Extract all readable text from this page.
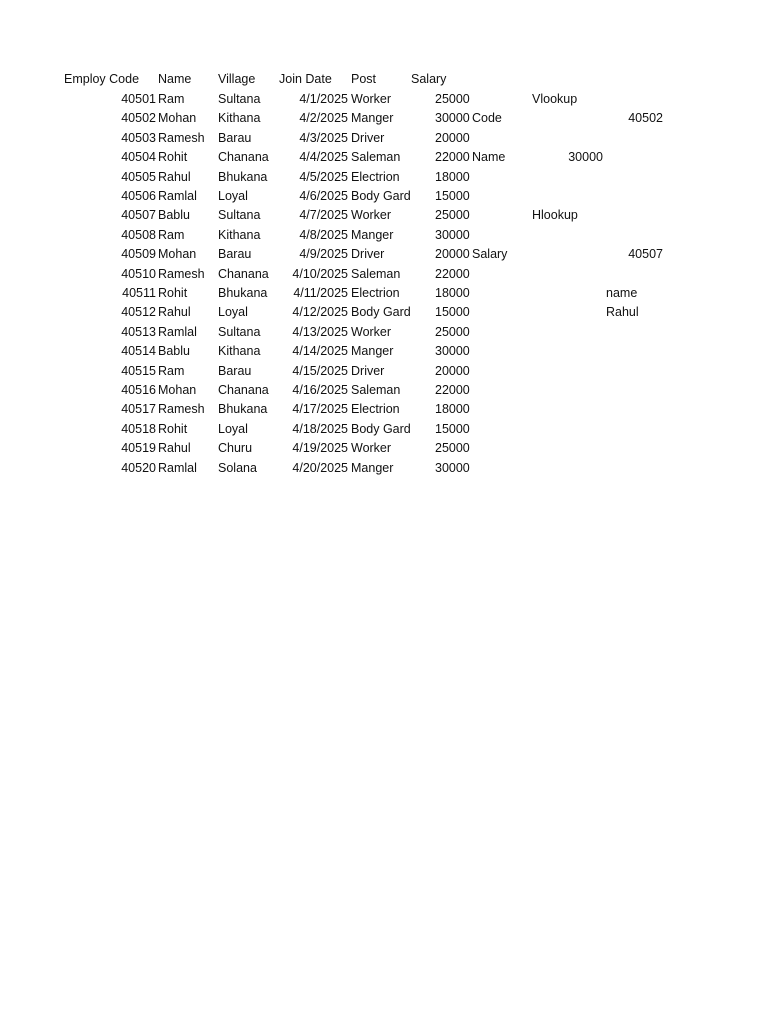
Employ Code Name Village Join Date Post	Salary
40501 Ram	Sultana	4/1/2025 Worker	25000
40502 Mohan Kithana	4/2/2025 Manger	30000
40503 Ramesh Barau	4/3/2025 Driver	20000
40504 Rohit Chanana 4/4/2025 Saleman	22000
40505 Rahul Bhukana	4/5/2025 Electrion	18000
40506 Ramlal Loyal	4/6/2025 Body Gard 15000
40507 Bablu Sultana	4/7/2025 Worker	25000
40508 Ram	Kithana	4/8/2025 Manger	30000
40509 Mohan Barau	4/9/2025 Driver	20000
40510 Ramesh Chanana 4/10/2025 Saleman	22000
40511 Rohit Bhukana 4/11/2025 Electrion	18000
40512 Rahul Loyal	4/12/2025 Body Gard 15000
40513 Ramlal Sultana	4/13/2025 Worker	25000
40514 Bablu Kithana	4/14/2025 Manger	30000
40515 Ram	Barau	4/15/2025 Driver	20000
40516 Mohan Chanana 4/16/2025 Saleman	22000
40517 Ramesh Bhukana 4/17/2025 Electrion	18000
40518 Rohit Loyal	4/18/2025 Body Gard 15000
40519 Rahul Churu	4/19/2025 Worker	25000
40520 Ramlal Solana	4/20/2025 Manger	30000
Vlookup
Code	40502
Name	30000
Hlookup
Salary	40507
name
Rahul
